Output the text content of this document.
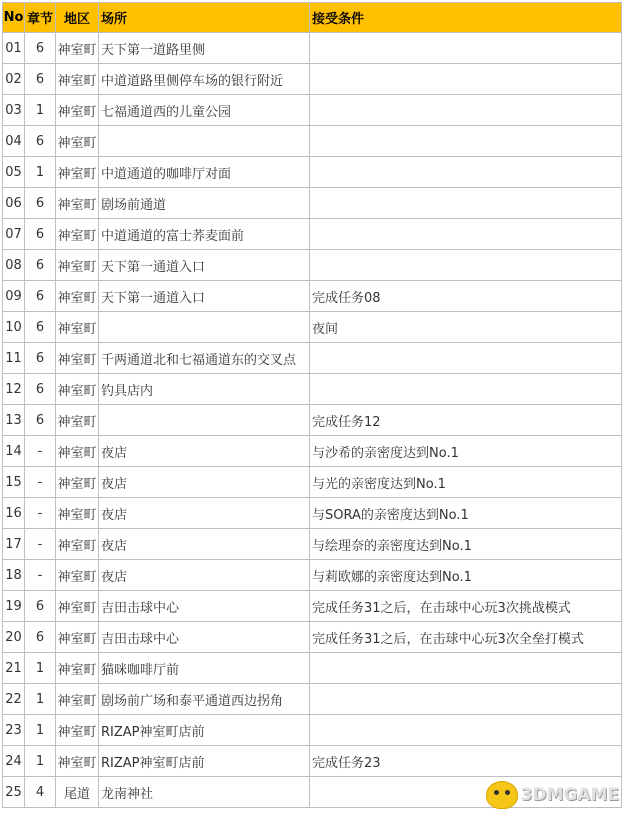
No	章节	地区	场所	接受条件
01	6	神室町	天下第一道路里侧	
02	6	神室町	中道道路里侧停车场的银行附近	
03	1	神室町	七福通道西的儿童公园	
04	6	神室町		
05	1	神室町	中道通道的咖啡厅对面	
06	6	神室町	剧场前通道	
07	6	神室町	中道通道的富士荞麦面前	
08	6	神室町	天下第一通道入口	
09	6	神室町	天下第一通道入口	完成任务08
10	6	神室町		夜间
11	6	神室町	千两通道北和七福通道东的交叉点	
12	6	神室町	钓具店内	
13	6	神室町		完成任务12
14	-	神室町	夜店	与沙希的亲密度达到No.1
15	-	神室町	夜店	与光的亲密度达到No.1
16	-	神室町	夜店	与SORA的亲密度达到No.1
17	-	神室町	夜店	与绘理奈的亲密度达到No.1
18	-	神室町	夜店	与莉欧娜的亲密度达到No.1
19	6	神室町	吉田击球中心	完成任务31之后，在击球中心玩3次挑战模式
20	6	神室町	吉田击球中心	完成任务31之后，在击球中心玩3次全垒打模式
21	1	神室町	猫咪咖啡厅前	
22	1	神室町	剧场前广场和泰平通道西边拐角	
23	1	神室町	RIZAP神室町店前	
24	1	神室町	RIZAP神室町店前	完成任务23
25	4	尾道	龙南神社		3DMGAME
